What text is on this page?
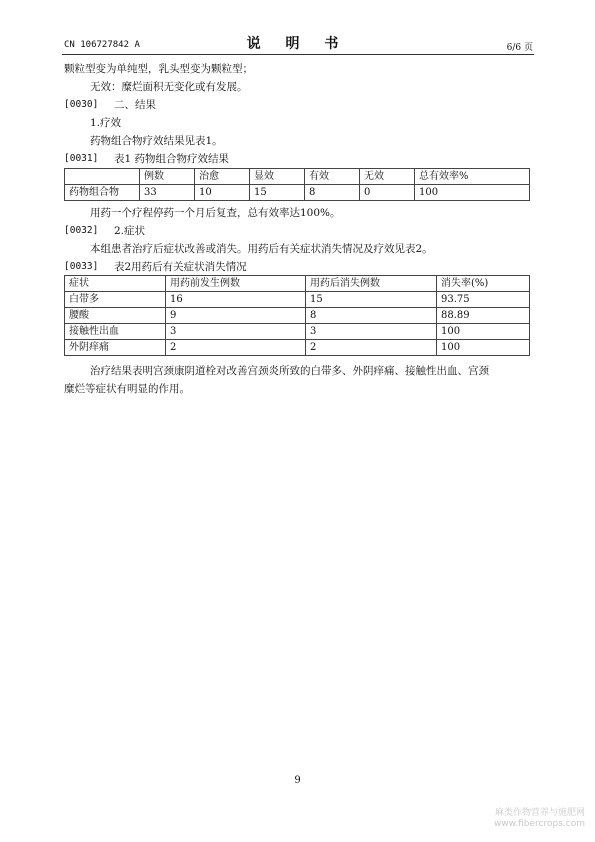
CN 106727842 A	说 明 书	6/6 页
颗粒型变为单纯型，乳头型变为颗粒型；
无效：糜烂面积无变化或有发展。
[0030] 二、结果
1.疗效
药物组合物疗效结果见表1。
[0031] 表1 药物组合物疗效结果
	例数	治愈	显效	有效	无效	总有效率%
药物组合物	33	10	15	8	0	100
用药一个疗程停药一个月后复查，总有效率达100%。
[0032] 2.症状
本组患者治疗后症状改善或消失。用药后有关症状消失情况及疗效见表2。
[0033] 表2用药后有关症状消失情况
症状	用药前发生例数	用药后消失例数	消失率(%)
白带多	16	15	93.75
腰酸	9	8	88.89
接触性出血	3	3	100
外阴痒痛	2	2	100
治疗结果表明宫颈康阴道栓对改善宫颈炎所致的白带多、外阴痒痛、接触性出血、宫颈
糜烂等症状有明显的作用。
9
麻类作物营养与施肥网
www.fibercrops.com
